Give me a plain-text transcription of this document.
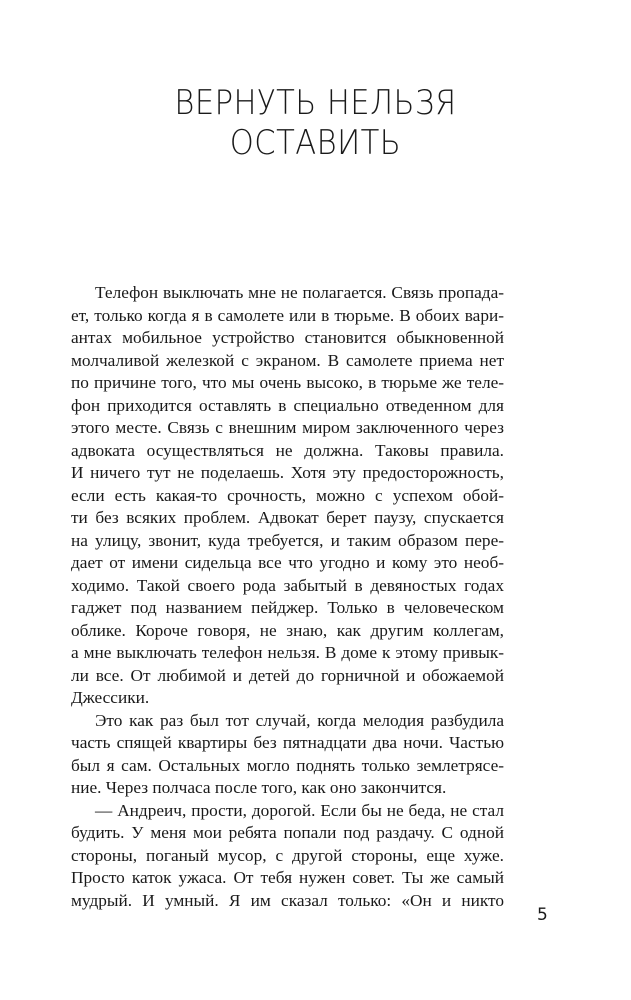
ВЕРНУТЬ НЕЛЬЗЯ
ОСТАВИТЬ
Телефон выключать мне не полагается. Связь пропада-
ет, только когда я в самолете или в тюрьме. В обоих вари-
антах мобильное устройство становится обыкновенной
молчаливой железкой с экраном. В самолете приема нет
по причине того, что мы очень высоко, в тюрьме же теле-
фон приходится оставлять в специально отведенном для
этого месте. Связь с внешним миром заключенного через
адвоката осуществляться не должна. Таковы правила.
И ничего тут не поделаешь. Хотя эту предосторожность,
если есть какая-то срочность, можно с успехом обой-
ти без всяких проблем. Адвокат берет паузу, спускается
на улицу, звонит, куда требуется, и таким образом пере-
дает от имени сидельца все что угодно и кому это необ-
ходимо. Такой своего рода забытый в девяностых годах
гаджет под названием пейджер. Только в человеческом
облике. Короче говоря, не знаю, как другим коллегам,
а мне выключать телефон нельзя. В доме к этому привык-
ли все. От любимой и детей до горничной и обожаемой
Джессики.
Это как раз был тот случай, когда мелодия разбудила
часть спящей квартиры без пятнадцати два ночи. Частью
был я сам. Остальных могло поднять только землетрясе-
ние. Через полчаса после того, как оно закончится.
— Андреич, прости, дорогой. Если бы не беда, не стал
будить. У меня мои ребята попали под раздачу. С одной
стороны, поганый мусор, с другой стороны, еще хуже.
Просто каток ужаса. От тебя нужен совет. Ты же самый
мудрый. И умный. Я им сказал только: «Он и никто
5
